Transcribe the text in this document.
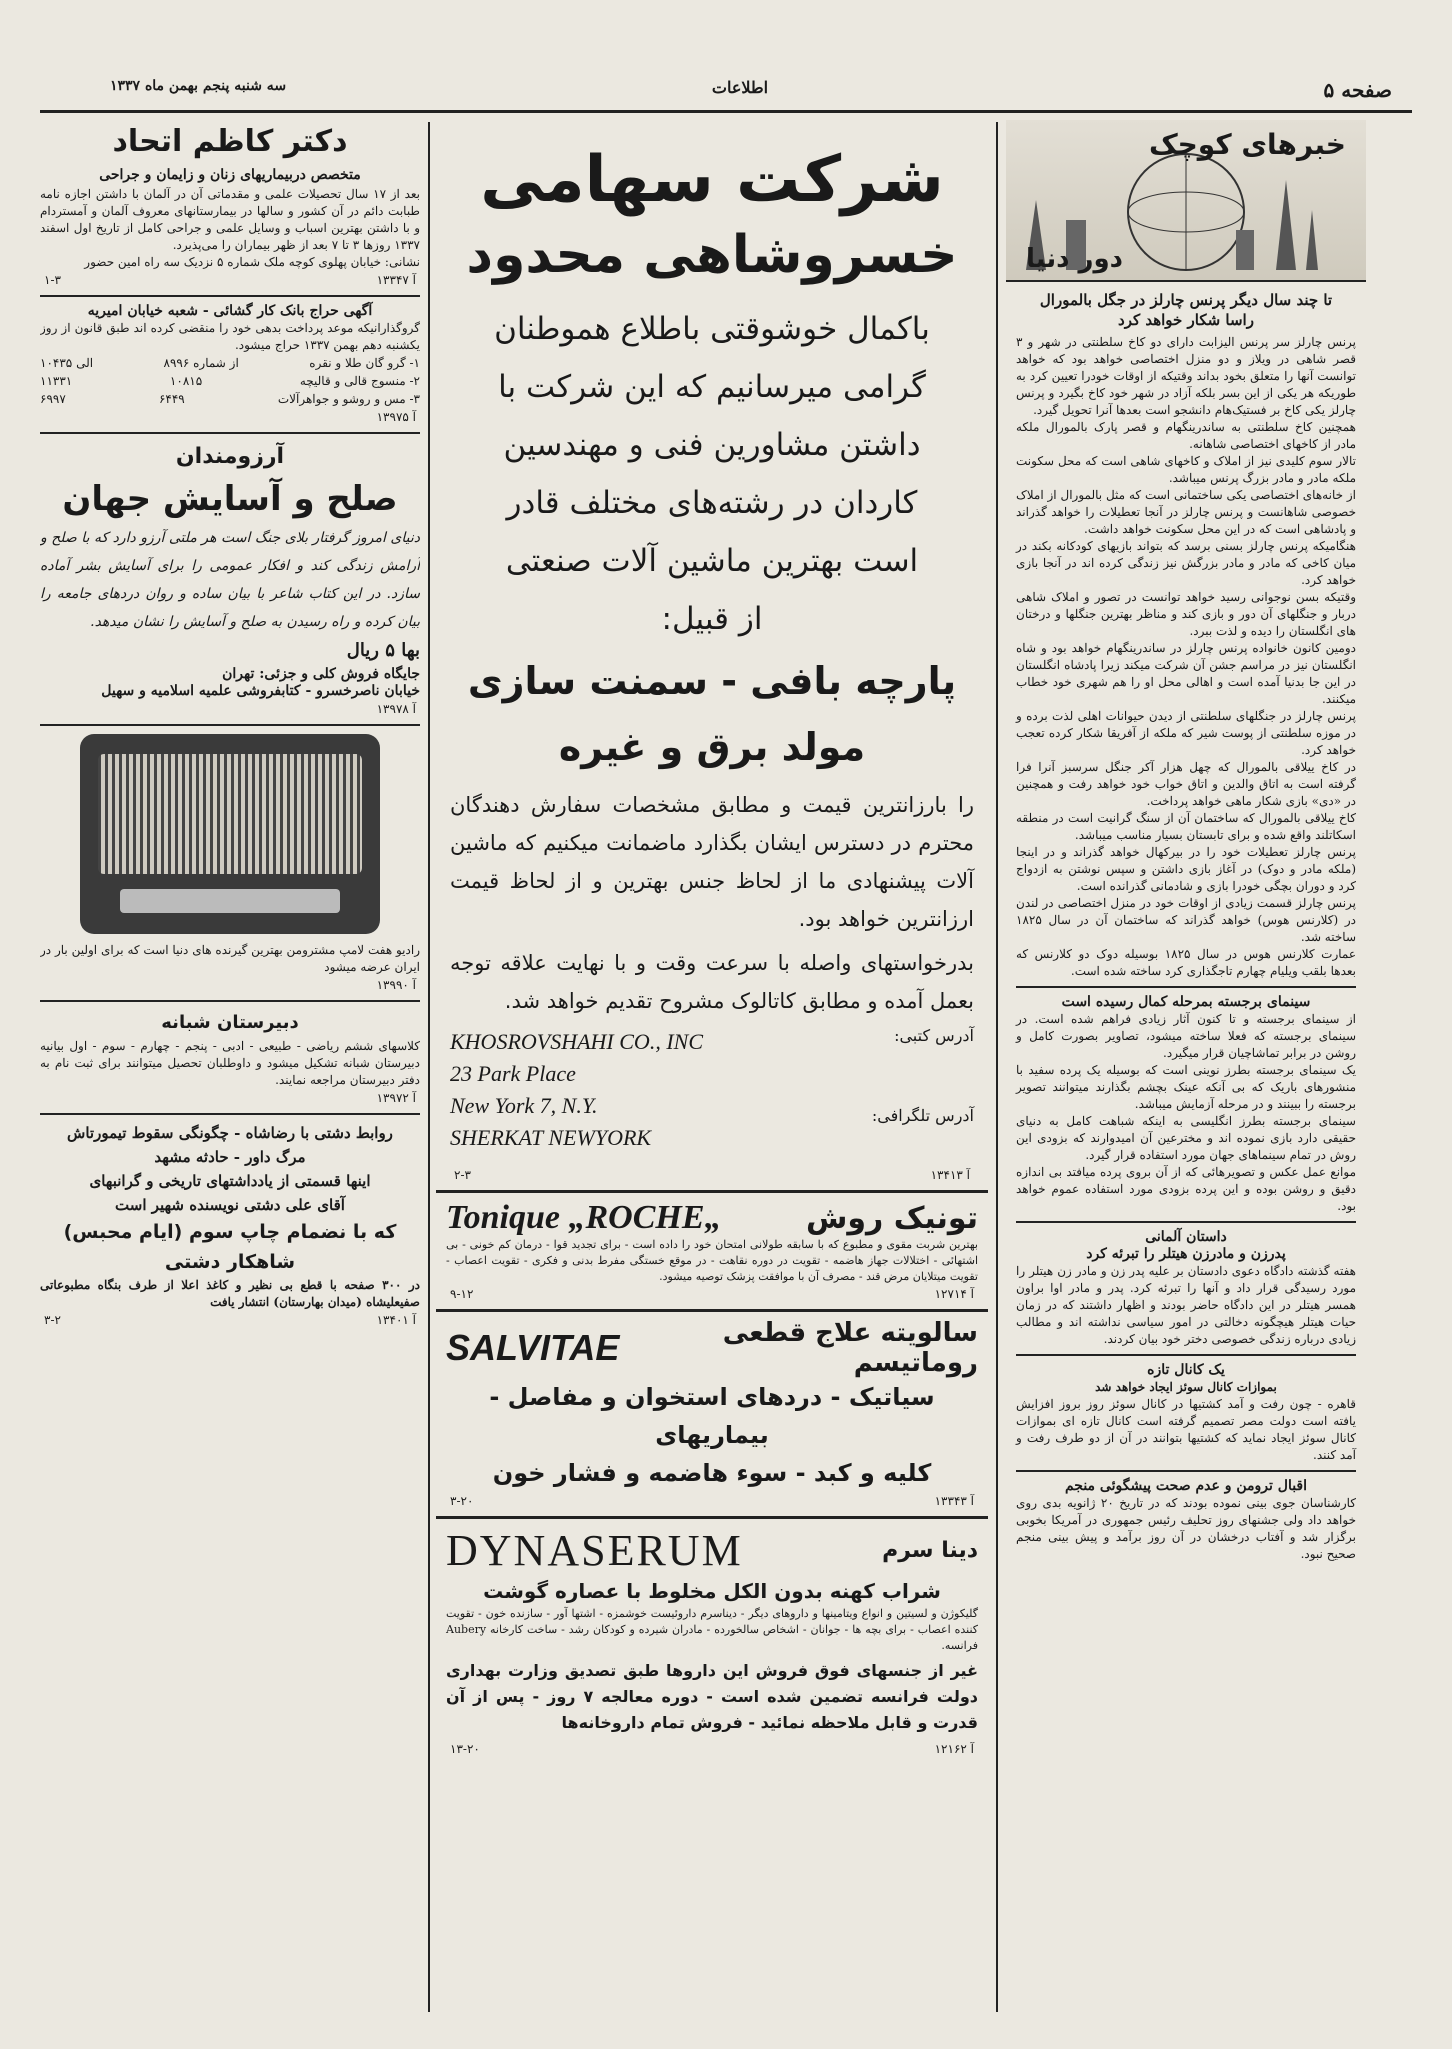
صفحه ۵
اطلاعات
سه شنبه پنجم بهمن ماه ۱۳۳۷
خبرهای کوچک
دور دنیا

تا چند سال دیگر پرنس چارلز در جگل بالمورال

راسا شکار خواهد کرد

پرنس چارلز سر پرنس الیزابت دارای دو کاخ سلطنتی در شهر و ۳ قصر شاهی در ویلاز و دو منزل اختصاصی خواهد بود که خواهد توانست آنها را متعلق بخود بداند وقتیکه از اوقات خودرا تعیین کرد به طوریکه هر یکی از این بسر بلکه آزاد در شهر خود کاخ بگیرد و پرنس چارلز یکی کاخ بر فستیک‌هام دانشجو است بعدها آنرا تحویل گیرد.

همچنین کاخ سلطنتی به ساندرینگهام و قصر پارک بالمورال ملکه مادر از کاخهای اختصاصی شاهانه.

تالار سوم کلیدی نیز از املاک و کاخهای شاهی است که محل سکونت ملکه مادر و مادر بزرگ پرنس میباشد.

از خانه‌های اختصاصی یکی ساختمانی است که مثل بالمورال از املاک خصوصی شاهانست و پرنس چارلز در آنجا تعطیلات را خواهد گذراند و پادشاهی است که در این محل سکونت خواهد داشت.

هنگامیکه پرنس چارلز بسنی برسد که بتواند بازیهای کودکانه بکند در میان کاخی که مادر و مادر بزرگش نیز زندگی کرده اند در آنجا بازی خواهد کرد.

وقتیکه بسن نوجوانی رسید خواهد توانست در تصور و املاک شاهی دربار و جنگلهای آن دور و بازی کند و مناظر بهترین جنگلها و درختان های انگلستان را دیده و لذت ببرد.

دومین کانون خانواده پرنس چارلز در ساندرینگهام خواهد بود و شاه انگلستان نیز در مراسم جشن آن شرکت میکند زیرا پادشاه انگلستان در این جا بدنیا آمده است و اهالی محل او را هم شهری خود خطاب میکنند.

پرنس چارلز در جنگلهای سلطنتی از دیدن حیوانات اهلی لذت برده و در موزه سلطنتی از پوست شیر که ملکه از آفریقا شکار کرده تعجب خواهد کرد.

در کاخ ییلاقی بالمورال که چهل هزار آکر جنگل سرسبز آنرا فرا گرفته است به اتاق والدین و اتاق خواب خود خواهد رفت و همچنین در «دی» بازی شکار ماهی خواهد پرداخت.

کاخ ییلاقی بالمورال که ساختمان آن از سنگ گرانیت است در منطقه اسکاتلند واقع شده و برای تابستان بسیار مناسب میباشد.

پرنس چارلز تعطیلات خود را در بیرکهال خواهد گذراند و در اینجا (ملکه مادر و دوک) در آغاز بازی داشتن و سپس نوشتن به ازدواج کرد و دوران بچگی خودرا بازی و شادمانی گذرانده است.

پرنس چارلز قسمت زیادی از اوقات خود در منزل اختصاصی در لندن در (کلارنس هوس) خواهد گذراند که ساختمان آن در سال ۱۸۲۵ ساخته شد.

عمارت کلارنس هوس در سال ۱۸۲۵ بوسیله دوک دو کلارنس که بعدها بلقب ویلیام چهارم تاجگذاری کرد ساخته شده است.

سینمای برجسته بمرحله کمال رسیده است

از سینمای برجسته و تا کنون آثار زیادی فراهم شده است. در سینمای برجسته که فعلا ساخته میشود، تصاویر بصورت کامل و روشن در برابر تماشاچیان قرار میگیرد.

یک سینمای برجسته بطرز نوینی است که بوسیله یک پرده سفید با منشورهای باریک که بی‌ آنکه عینک بچشم بگذارند میتوانند تصویر برجسته را ببینند و در مرحله آزمایش میباشد.

سینمای برجسته بطرز انگلیسی به اینکه شباهت کامل به دنیای حقیقی دارد بازی نموده اند و مخترعین آن امیدوارند که بزودی این روش در تمام سینماهای جهان مورد استفاده قرار گیرد.

موانع عمل عکس و تصویرهائی که از آن بروی پرده میافتد بی اندازه دقیق و روشن بوده و این پرده بزودی مورد استفاده عموم خواهد بود.

داستان آلمانی

پدرزن و مادرزن هیتلر را تبرئه کرد

هفته گذشته دادگاه دعوی دادستان بر علیه پدر زن و مادر زن هیتلر را مورد رسیدگی قرار داد و آنها را تبرئه کرد. پدر و مادر اوا براون همسر هیتلر در این دادگاه حاضر بودند و اظهار داشتند که در زمان حیات هیتلر هیچگونه دخالتی در امور سیاسی نداشته اند و مطالب زیادی درباره زندگی خصوصی دختر خود بیان کردند.

یک کانال تازه

بموازات کانال سوئز ایجاد خواهد شد

قاهره - چون رفت و آمد کشتیها در کانال سوئز روز بروز افزایش یافته است دولت مصر تصمیم گرفته است کانال تازه ای بموازات کانال سوئز ایجاد نماید که کشتیها بتوانند در آن از دو طرف رفت و آمد کنند.

اقبال ترومن و عدم صحت پیشگوئی منجم

کارشناسان جوی بینی نموده بودند که در تاریخ ۲۰ ژانویه بدی روی خواهد داد ولی جشنهای روز تحلیف رئیس جمهوری در آمریکا بخوبی برگزار شد و آفتاب درخشان در آن روز برآمد و پیش بینی منجم صحیح نبود.

شرکت سهامی
خسروشاهی محدود
باکمال خوشوقتی باطلاع هموطنان
گرامی میرسانیم که این شرکت با
داشتن مشاورین فنی و مهندسین
کاردان در رشته‌های مختلف قادر
است بهترین ماشین آلات صنعتی
از قبیل:
پارچه بافی - سمنت سازی
مولد برق و غیره

را بارزانترین قیمت و مطابق مشخصات سفارش دهندگان محترم در دسترس ایشان بگذارد ماضمانت میکنیم که ماشین آلات پیشنهادی ما از لحاظ جنس بهترین و از لحاظ قیمت ارزانترین خواهد بود.

بدرخواستهای واصله با سرعت وقت و با نهایت علاقه توجه بعمل آمده و مطابق کاتالوک مشروح تقدیم خواهد شد.

آدرس کتبی:
KHOSROVSHAHI CO., INC
23 Park Place
New York 7, N.Y.
SHERKAT NEWYORK
آدرس تلگرافی:
آ ۱۳۴۱۳
۲-۳
تونیک روش
Tonique „ROCHE„

بهترین شربت مقوی و مطبوع که با سابقه طولانی امتحان خود را داده است - برای تجدید قوا - درمان کم خونی - بی اشتهائی - اختلالات جهاز هاضمه - تقویت در دوره نقاهت - در موقع خستگی مفرط بدنی و فکری - تقویت اعصاب - تقویت میتلایان مرض قند - مصرف آن با موافقت پزشک توصیه میشود.

آ ۱۲۷۱۴
۹-۱۲
سالویته علاج قطعی روماتیسم
SALVITAE
سیاتیک - دردهای استخوان و مفاصل - بیماریهای
کلیه و کبد - سوء هاضمه و فشار خون
آ ۱۳۳۴۳
۳-۲۰
دینا سرم
DYNASERUM
شراب کهنه بدون الکل مخلوط با عصاره گوشت

گلیکوژن و لسیتین و انواع ویتامینها و داروهای دیگر - دیناسرم داروئیست خوشمزه - اشتها آور - سازنده خون - تقویت کننده اعصاب - برای بچه ها - جوانان - اشخاص سالخورده - مادران شیرده و کودکان رشد - ساخت کارخانه Aubery فرانسه.

غیر از جنسهای فوق فروش این داروها طبق تصدیق وزارت بهداری دولت فرانسه تضمین شده است - دوره معالجه ۷ روز - پس از آن قدرت و قابل ملاحظه نمائید - فروش تمام داروخانه‌ها

آ ۱۲۱۶۲
۱۳-۲۰
دکتر کاظم اتحاد
متخصص دربیماریهای زنان و زایمان و جراحی

بعد از ۱۷ سال تحصیلات علمی و مقدماتی آن در آلمان با داشتن اجازه نامه طبابت دائم در آن کشور و سالها در بیمارستانهای معروف آلمان و آمستردام و با داشتن بهترین اسباب و وسایل علمی و جراحی کامل از تاریخ اول اسفند ۱۳۳۷ روزها ۳ تا ۷ بعد از ظهر بیماران را می‌پذیرد.

نشانی: خیابان پهلوی کوچه ملک شماره ۵ نزدیک سه راه امین حضور

آ ۱۳۳۴۷
۱-۳

آگهی حراج بانک کار گشائی - شعبه خیابان امیریه

گروگذارانیکه موعد پرداخت بدهی خود را منقضی کرده اند طبق قانون از روز یکشنبه دهم بهمن ۱۳۳۷ حراج میشود.

۱- گرو گان طلا و نقره
از شماره ۸۹۹۶
الی ۱۰۴۳۵
۲- منسوج قالی و قالیچه
۱۰۸۱۵
۱۱۳۳۱
۳- مس و روشو و جواهرآلات
۶۴۴۹
۶۹۹۷
آ ۱۳۹۷۵
آرزومندان
صلح و آسایش جهان

دنیای امروز گرفتار بلای جنگ است هر ملتی آرزو دارد که با صلح و آرامش زندگی کند و افکار عمومی را برای آسایش بشر آماده سازد. در این کتاب شاعر با بیان ساده و روان دردهای جامعه را بیان کرده و راه رسیدن به صلح و آسایش را نشان میدهد.

بها ۵ ریال
جایگاه فروش کلی و جزئی: تهران
خیابان ناصرخسرو - کتابفروشی علمیه اسلامیه و سهیل
آ ۱۳۹۷۸

رادیو هفت لامپ مشترومن بهترین گیرنده های دنیا است که برای اولین بار در ایران عرضه میشود

آ ۱۳۹۹۰
دبیرستان شبانه

کلاسهای ششم ریاضی - طبیعی - ادبی - پنجم - چهارم - سوم - اول بیانیه دبیرستان شبانه تشکیل میشود و داوطلبان تحصیل میتوانند برای ثبت نام به دفتر دبیرستان مراجعه نمایند.

آ ۱۳۹۷۲
روابط دشتی با رضاشاه - چگونگی سقوط تیمورتاش
مرگ داور - حادثه مشهد
اینها قسمتی از یادداشتهای تاریخی و گرانبهای
آقای علی دشتی نویسنده شهیر است
که با نضمام چاپ سوم (ایام محبس)
شاهکار دشتی

در ۳۰۰ صفحه با قطع بی نظیر و کاغذ اعلا از طرف بنگاه مطبوعاتی صفیعلیشاه (میدان بهارستان) انتشار یافت

آ ۱۳۴۰۱
۳-۲
